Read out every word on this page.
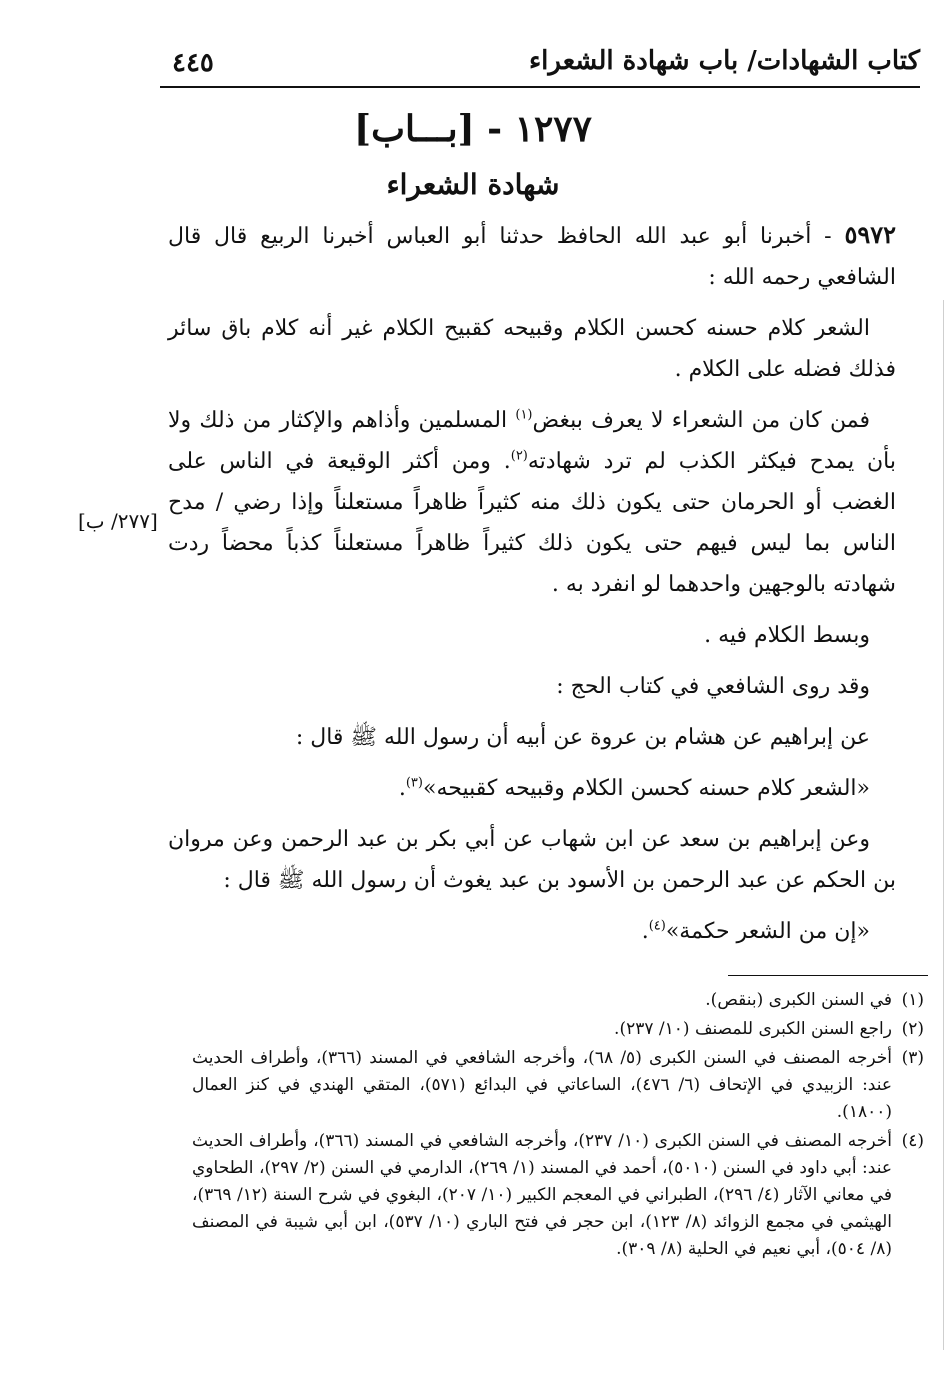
كتاب الشهادات/ باب شهادة الشعراء
٤٤٥
١٢٧٧ - [بـــاب]
شهادة الشعراء
[٢٧٧/ ب]

٥٩٧٢ - أخبرنا أبو عبد الله الحافظ حدثنا أبو العباس أخبرنا الربيع قال قال الشافعي رحمه الله :

الشعر كلام حسنه كحسن الكلام وقبيحه كقبيح الكلام غير أنه كلام باق سائر فذلك فضله على الكلام .

فمن كان من الشعراء لا يعرف ببغض$^{(١)}$ المسلمين وأذاهم والإكثار من ذلك ولا بأن يمدح فيكثر الكذب لم ترد شهادته$^{(٢)}$. ومن أكثر الوقيعة في الناس على الغضب أو الحرمان حتى يكون ذلك منه كثيراً ظاهراً مستعلناً وإذا رضي / مدح الناس بما ليس فيهم حتى يكون ذلك كثيراً ظاهراً مستعلناً كذباً محضاً ردت شهادته بالوجهين واحدهما لو انفرد به .

وبسط الكلام فيه .

وقد روى الشافعي في كتاب الحج :

عن إبراهيم عن هشام بن عروة عن أبيه أن رسول الله ﷺ قال :

«الشعر كلام حسنه كحسن الكلام وقبيحه كقبيحه»$^{(٣)}$.

وعن إبراهيم بن سعد عن ابن شهاب عن أبي بكر بن عبد الرحمن وعن مروان بن الحكم عن عبد الرحمن بن الأسود بن عبد يغوث أن رسول الله ﷺ قال :

«إن من الشعر حكمة»$^{(٤)}$.

(١)
في السنن الكبرى (بنقص).
(٢)
راجع السنن الكبرى للمصنف (١٠/ ٢٣٧).
(٣)
أخرجه المصنف في السنن الكبرى (٥/ ٦٨)، وأخرجه الشافعي في المسند (٣٦٦)، وأطراف الحديث عند: الزبيدي في الإتحاف (٦/ ٤٧٦)، الساعاتي في البدائع (٥٧١)، المتقي الهندي في كنز العمال (١٨٠٠).
(٤)
أخرجه المصنف في السنن الكبرى (١٠/ ٢٣٧)، وأخرجه الشافعي في المسند (٣٦٦)، وأطراف الحديث عند: أبي داود في السنن (٥٠١٠)، أحمد في المسند (١/ ٢٦٩)، الدارمي في السنن (٢/ ٢٩٧)، الطحاوي في معاني الآثار (٤/ ٢٩٦)، الطبراني في المعجم الكبير (١٠/ ٢٠٧)، البغوي في شرح السنة (١٢/ ٣٦٩)، الهيثمي في مجمع الزوائد (٨/ ١٢٣)، ابن حجر في فتح الباري (١٠/ ٥٣٧)، ابن أبي شيبة في المصنف (٨/ ٥٠٤)، أبي نعيم في الحلية (٨/ ٣٠٩).
